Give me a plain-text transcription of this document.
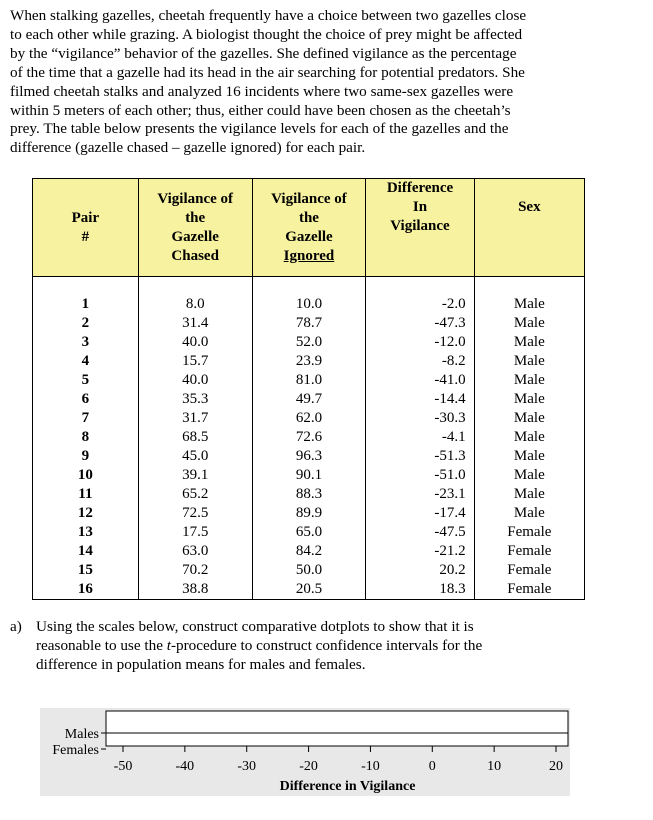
When stalking gazelles, cheetah frequently have a choice between two gazelles close

to each other while grazing. A biologist thought the choice of prey might be affected

by the “vigilance” behavior of the gazelles. She defined vigilance as the percentage

of the time that a gazelle had its head in the air searching for potential predators. She

filmed cheetah stalks and analyzed 16 incidents where two same-sex gazelles were

within 5 meters of each other; thus, either could have been chosen as the cheetah’s

prey. The table below presents the vigilance levels for each of the gazelles and the

difference (gazelle chased – gazelle ignored) for each pair.

Pair
#	Vigilance of
the
Gazelle
Chased	Vigilance of
the
Gazelle
Ignored	Difference
In
Vigilance	Sex
1	8.0	10.0	-2.0	Male
2	31.4	78.7	-47.3	Male
3	40.0	52.0	-12.0	Male
4	15.7	23.9	-8.2	Male
5	40.0	81.0	-41.0	Male
6	35.3	49.7	-14.4	Male
7	31.7	62.0	-30.3	Male
8	68.5	72.6	-4.1	Male
9	45.0	96.3	-51.3	Male
10	39.1	90.1	-51.0	Male
11	65.2	88.3	-23.1	Male
12	72.5	89.9	-17.4	Male
13	17.5	65.0	-47.5	Female
14	63.0	84.2	-21.2	Female
15	70.2	50.0	20.2	Female
16	38.8	20.5	18.3	Female
a) Using the scales below, construct comparative dotplots to show that it is
reasonable to use the t-procedure to construct confidence intervals for the
difference in population means for males and females.
Males
Females
-50	-40	-30	-20	-10	0	10	20
Difference in Vigilance
